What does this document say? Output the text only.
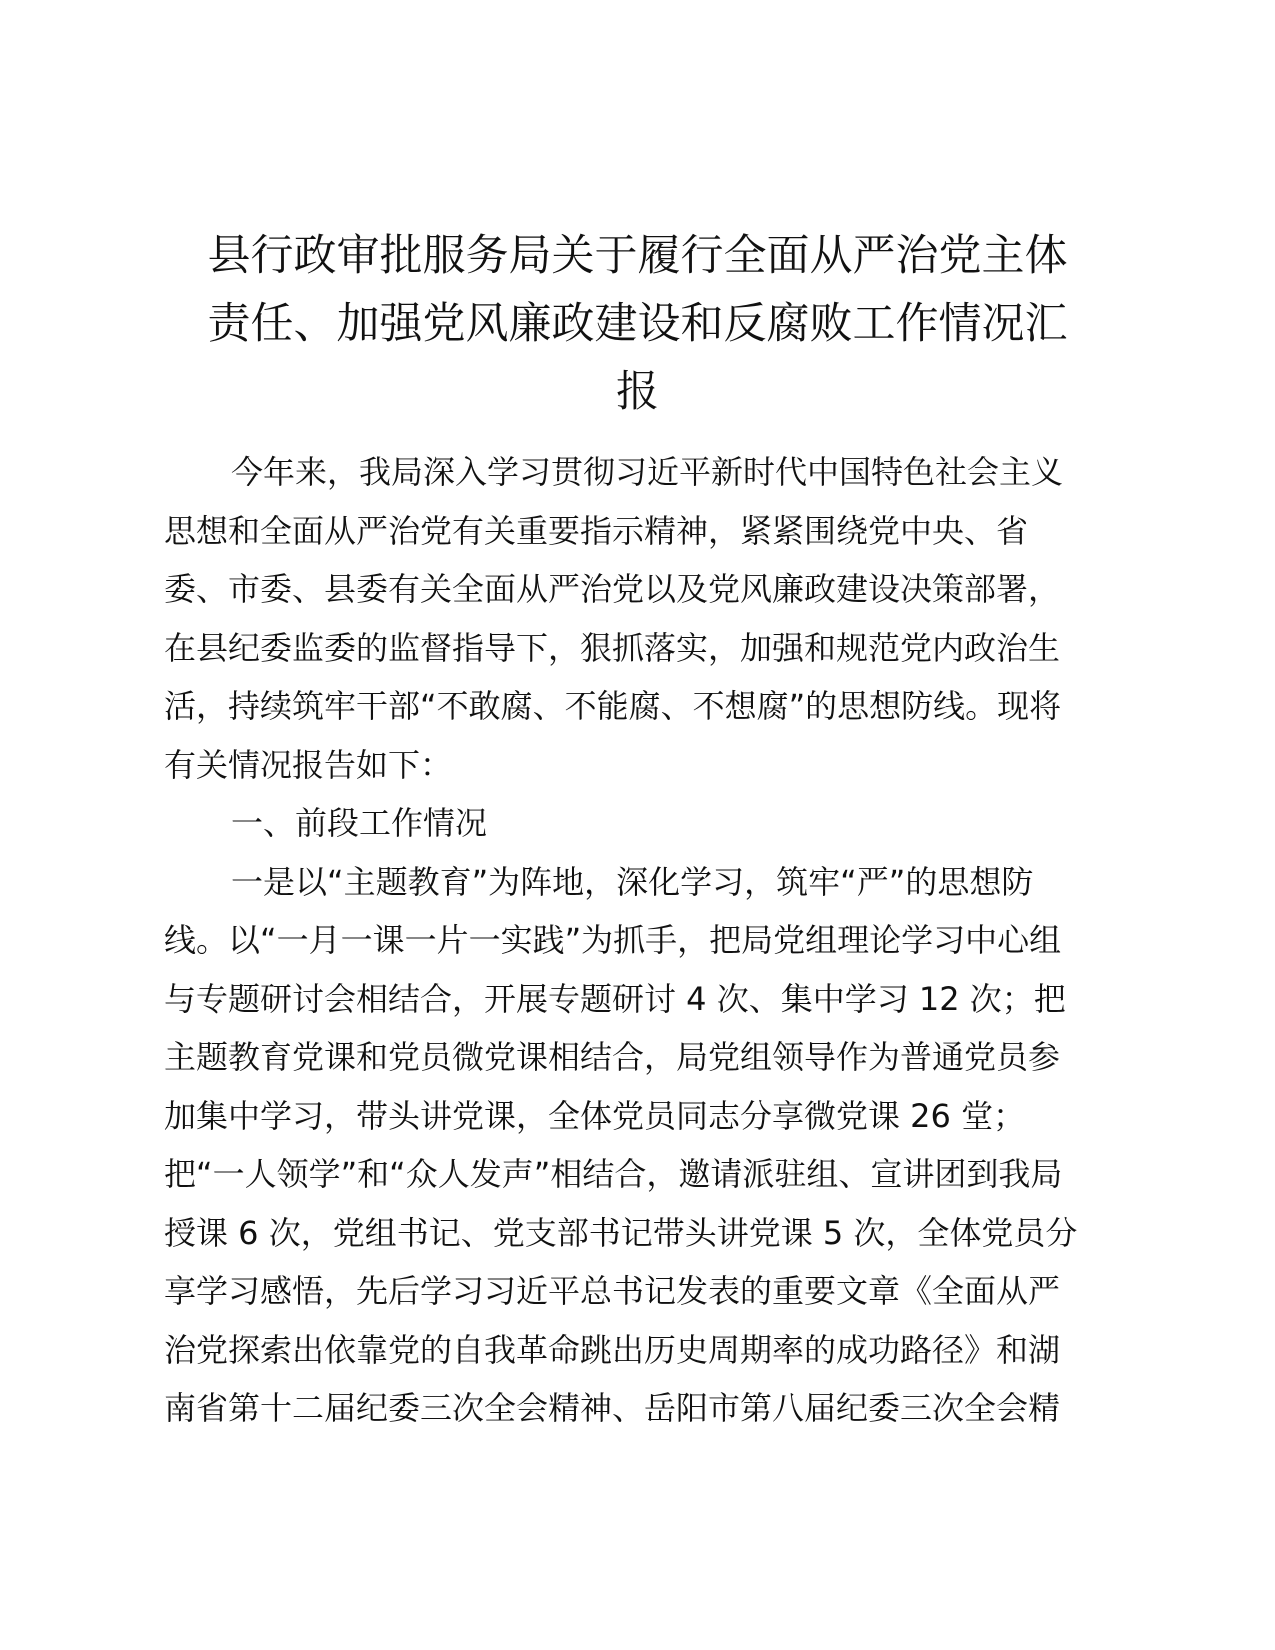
县行政审批服务局关于履行全面从严治党主体
责任、加强党风廉政建设和反腐败工作情况汇
报
今年来，我局深入学习贯彻习近平新时代中国特色社会主义
思想和全面从严治党有关重要指示精神，紧紧围绕党中央、省
委、市委、县委有关全面从严治党以及党风廉政建设决策部署，
在县纪委监委的监督指导下，狠抓落实，加强和规范党内政治生
活，持续筑牢干部“不敢腐、不能腐、不想腐”的思想防线。现将
有关情况报告如下：
一、前段工作情况
一是以“主题教育”为阵地，深化学习，筑牢“严”的思想防
线。以“一月一课一片一实践”为抓手，把局党组理论学习中心组
与专题研讨会相结合，开展专题研讨 4 次、集中学习 12 次；把
主题教育党课和党员微党课相结合，局党组领导作为普通党员参
加集中学习，带头讲党课，全体党员同志分享微党课 26 堂；
把“一人领学”和“众人发声”相结合，邀请派驻组、宣讲团到我局
授课 6 次，党组书记、党支部书记带头讲党课 5 次，全体党员分
享学习感悟，先后学习习近平总书记发表的重要文章《全面从严
治党探索出依靠党的自我革命跳出历史周期率的成功路径》和湖
南省第十二届纪委三次全会精神、岳阳市第八届纪委三次全会精
